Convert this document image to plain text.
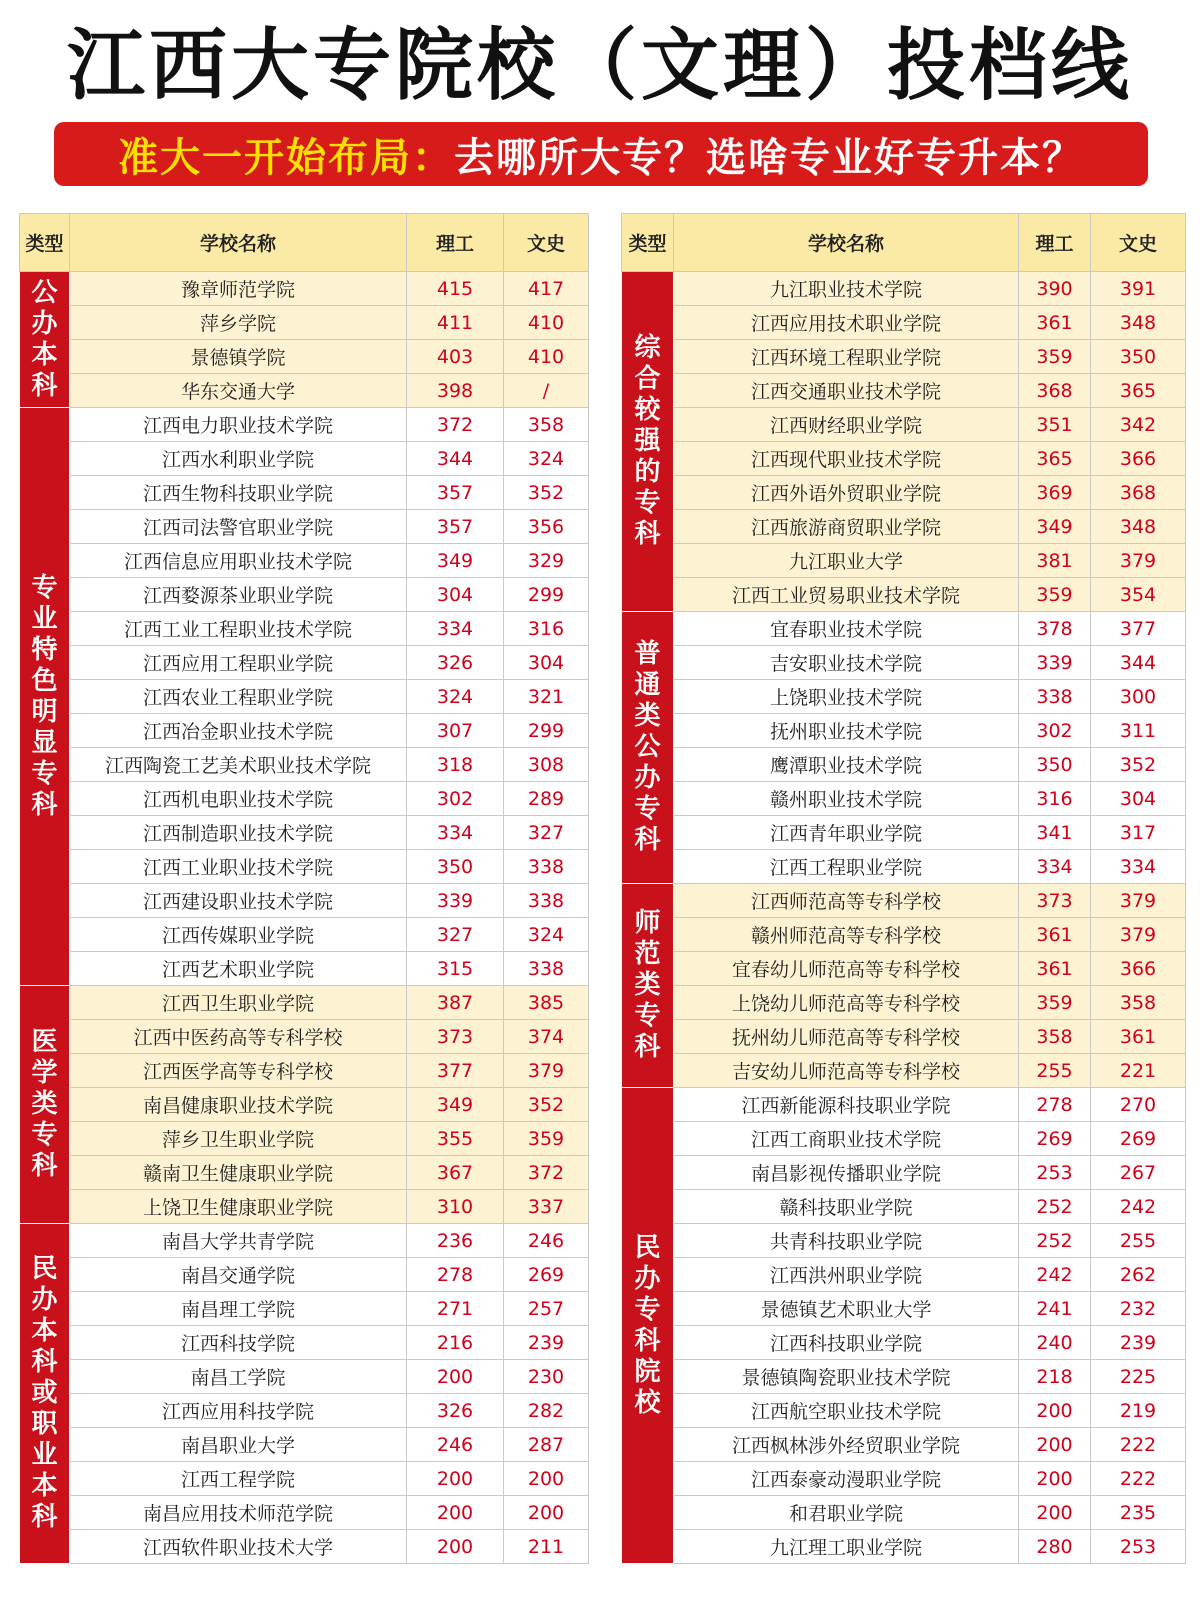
江西大专院校（文理）投档线
准大一开始布局： 去哪所大专？选啥专业好专升本？
类型	学校名称	理工	文史

公办本科	豫章师范学院	415	417
	萍乡学院	411	410
	景德镇学院	403	410
	华东交通大学	398	/

专业特色明显专科	江西电力职业技术学院	372	358
	江西水利职业学院	344	324
	江西生物科技职业学院	357	352
	江西司法警官职业学院	357	356
	江西信息应用职业技术学院	349	329
	江西婺源茶业职业学院	304	299
	江西工业工程职业技术学院	334	316
	江西应用工程职业学院	326	304
	江西农业工程职业学院	324	321
	江西冶金职业技术学院	307	299
	江西陶瓷工艺美术职业技术学院	318	308
	江西机电职业技术学院	302	289
	江西制造职业技术学院	334	327
	江西工业职业技术学院	350	338
	江西建设职业技术学院	339	338
	江西传媒职业学院	327	324
	江西艺术职业学院	315	338

医学类专科	江西卫生职业学院	387	385
	江西中医药高等专科学校	373	374
	江西医学高等专科学校	377	379
	南昌健康职业技术学院	349	352
	萍乡卫生职业学院	355	359
	赣南卫生健康职业学院	367	372
	上饶卫生健康职业学院	310	337

民办本科或职业本科	南昌大学共青学院	236	246
	南昌交通学院	278	269
	南昌理工学院	271	257
	江西科技学院	216	239
	南昌工学院	200	230
	江西应用科技学院	326	282
	南昌职业大学	246	287
	江西工程学院	200	200
	南昌应用技术师范学院	200	200
	江西软件职业技术大学	200	211
类型	学校名称	理工	文史

综合较强的专科	九江职业技术学院	390	391
	江西应用技术职业学院	361	348
	江西环境工程职业学院	359	350
	江西交通职业技术学院	368	365
	江西财经职业学院	351	342
	江西现代职业技术学院	365	366
	江西外语外贸职业学院	369	368
	江西旅游商贸职业学院	349	348
	九江职业大学	381	379
	江西工业贸易职业技术学院	359	354

普通类公办专科	宜春职业技术学院	378	377
	吉安职业技术学院	339	344
	上饶职业技术学院	338	300
	抚州职业技术学院	302	311
	鹰潭职业技术学院	350	352
	赣州职业技术学院	316	304
	江西青年职业学院	341	317
	江西工程职业学院	334	334

师范类专科	江西师范高等专科学校	373	379
	赣州师范高等专科学校	361	379
	宜春幼儿师范高等专科学校	361	366
	上饶幼儿师范高等专科学校	359	358
	抚州幼儿师范高等专科学校	358	361
	吉安幼儿师范高等专科学校	255	221

民办专科院校	江西新能源科技职业学院	278	270
	江西工商职业技术学院	269	269
	南昌影视传播职业学院	253	267
	赣科技职业学院	252	242
	共青科技职业学院	252	255
	江西洪州职业学院	242	262
	景德镇艺术职业大学	241	232
	江西科技职业学院	240	239
	景德镇陶瓷职业技术学院	218	225
	江西航空职业技术学院	200	219
	江西枫林涉外经贸职业学院	200	222
	江西泰豪动漫职业学院	200	222
	和君职业学院	200	235
	九江理工职业学院	280	253
